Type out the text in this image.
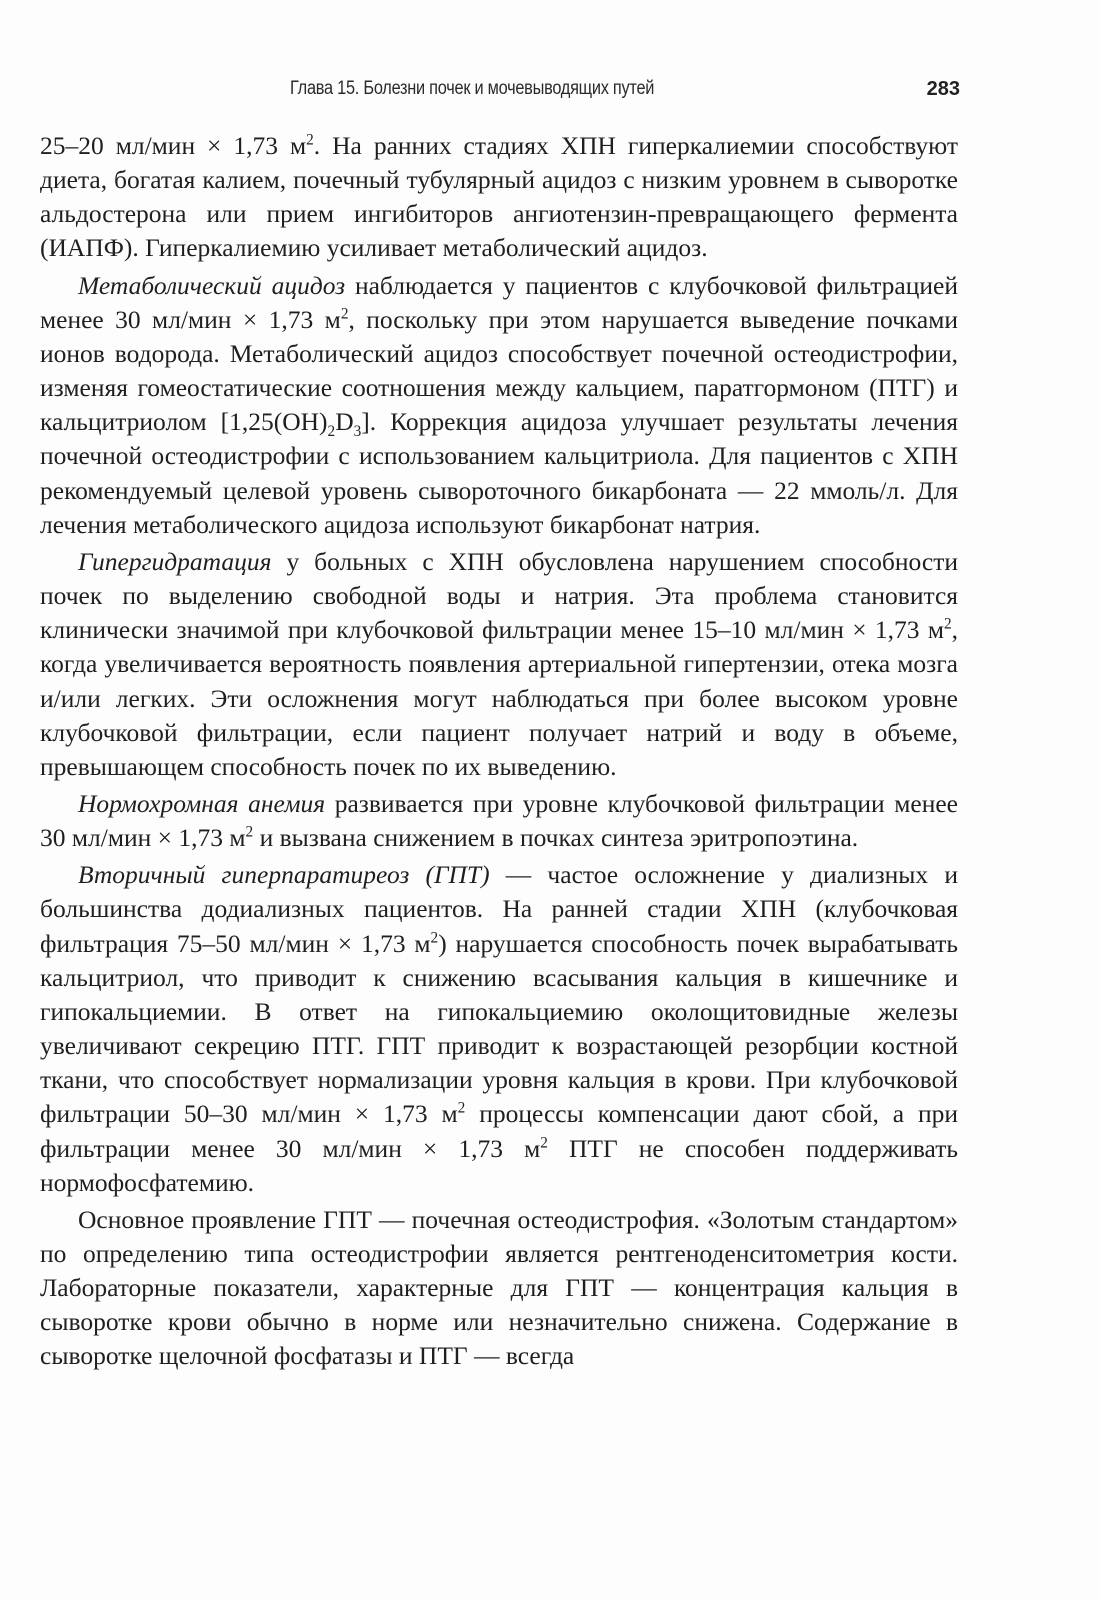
Глава 15. Болезни почек и мочевыводящих путей	283

25–20 мл/мин × 1,73 $м^2$. На ранних стадиях ХПН гиперкалиемии способствуют диета, богатая калием, почечный тубулярный ацидоз с низким уровнем в сыворотке альдостерона или прием ингибиторов ангиотензин-превращающего фермента (ИАПФ). Гиперкалиемию усиливает метаболический ацидоз.

Метаболический ацидоз наблюдается у пациентов с клубочковой фильтрацией менее 30 мл/мин × 1,73 $м^2$, поскольку при этом нарушается выведение почками ионов водорода. Метаболический ацидоз способствует почечной остеодистрофии, изменяя гомеостатические соотношения между кальцием, паратгормоном (ПТГ) и кальцитриолом $[1,25(OH)_2D_3]$. Коррекция ацидоза улучшает результаты лечения почечной остеодистрофии с использованием кальцитриола. Для пациентов с ХПН рекомендуемый целевой уровень сывороточного бикарбоната — 22 ммоль/л. Для лечения метаболического ацидоза используют бикарбонат натрия.

Гипергидратация у больных с ХПН обусловлена нарушением способности почек по выделению свободной воды и натрия. Эта проблема становится клинически значимой при клубочковой фильтрации менее 15–10 мл/мин × 1,73 $м^2$, когда увеличивается вероятность появления артериальной гипертензии, отека мозга и/или легких. Эти осложнения могут наблюдаться при более высоком уровне клубочковой фильтрации, если пациент получает натрий и воду в объеме, превышающем способность почек по их выведению.

Нормохромная анемия развивается при уровне клубочковой фильтрации менее 30 мл/мин × 1,73 $м^2$ и вызвана снижением в почках синтеза эритропоэтина.

Вторичный гиперпаратиреоз (ГПТ) — частое осложнение у диализных и большинства додиализных пациентов. На ранней стадии ХПН (клубочковая фильтрация 75–50 мл/мин × 1,73 $м^2$) нарушается способность почек вырабатывать кальцитриол, что приводит к снижению всасывания кальция в кишечнике и гипокальциемии. В ответ на гипокальциемию околощитовидные железы увеличивают секрецию ПТГ. ГПТ приводит к возрастающей резорбции костной ткани, что способствует нормализации уровня кальция в крови. При клубочковой фильтрации 50–30 мл/мин × 1,73 $м^2$ процессы компенсации дают сбой, а при фильтрации менее 30 мл/мин × 1,73 $м^2$ ПТГ не способен поддерживать нормофосфатемию.

Основное проявление ГПТ — почечная остеодистрофия. «Золотым стандартом» по определению типа остеодистрофии является рентгеноденситометрия кости. Лабораторные показатели, характерные для ГПТ — концентрация кальция в сыворотке крови обычно в норме или незначительно снижена. Содержание в сыворотке щелочной фосфатазы и ПТГ — всегда
